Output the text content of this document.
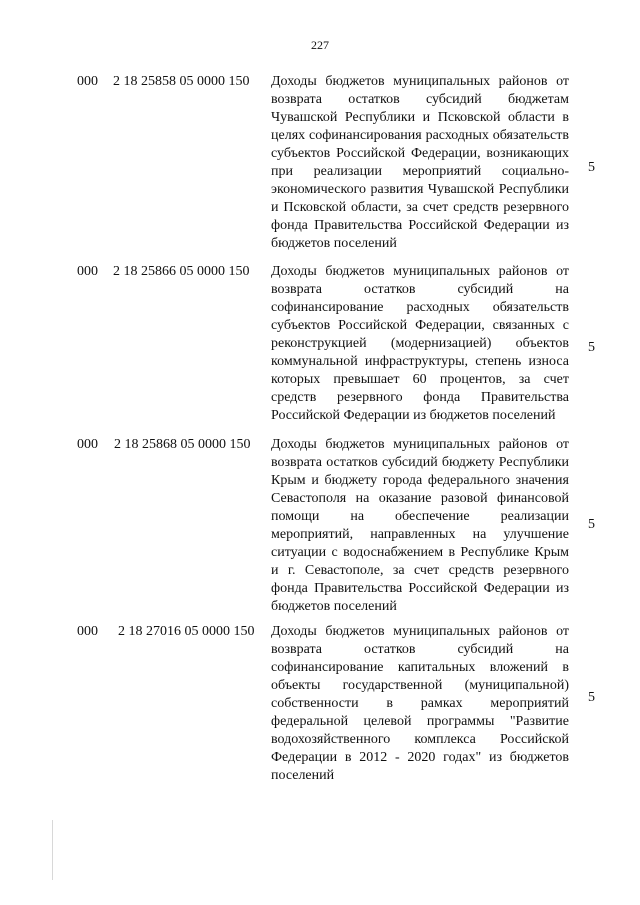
227
000 2 18 25858 05 0000 150 Доходы бюджетов муниципальных районов от возврата остатков субсидий бюджетам Чувашской Республики и Псковской области в целях софинансирования расходных обязательств субъектов Российской Федерации, возникающих при реализации мероприятий социально-экономического развития Чувашской Республики и Псковской области, за счет средств резервного фонда Правительства Российской Федерации из бюджетов поселений
5
000 2 18 25866 05 0000 150 Доходы бюджетов муниципальных районов от возврата остатков субсидий на софинансирование расходных обязательств субъектов Российской Федерации, связанных с реконструкцией (модернизацией) объектов коммунальной инфраструктуры, степень износа которых превышает 60 процентов, за счет средств резервного фонда Правительства Российской Федерации из бюджетов поселений
5
000 2 18 25868 05 0000 150 Доходы бюджетов муниципальных районов от возврата остатков субсидий бюджету Республики Крым и бюджету города федерального значения Севастополя на оказание разовой финансовой помощи на обеспечение реализации мероприятий, направленных на улучшение ситуации с водоснабжением в Республике Крым и г. Севастополе, за счет средств резервного фонда Правительства Российской Федерации из бюджетов поселений
5
000 2 18 27016 05 0000 150 Доходы бюджетов муниципальных районов от возврата остатков субсидий на софинансирование капитальных вложений в объекты государственной (муниципальной) собственности в рамках мероприятий федеральной целевой программы "Развитие водохозяйственного комплекса Российской Федерации в 2012 - 2020 годах" из бюджетов поселений
5
